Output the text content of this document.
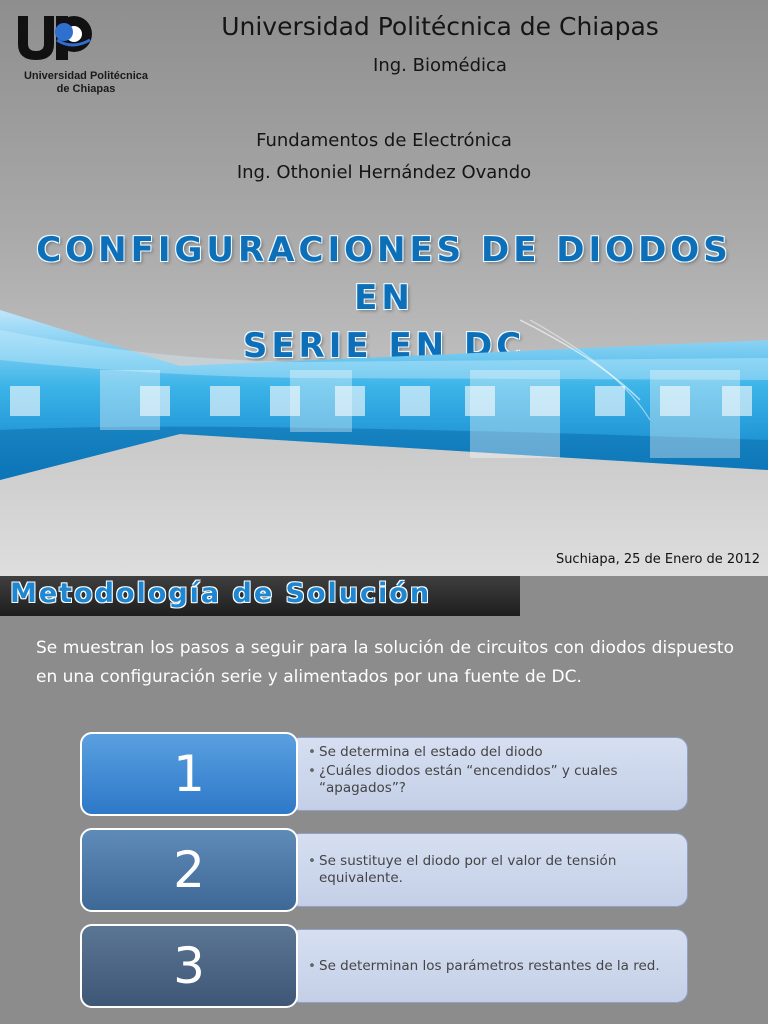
Universidad Politécnica
de Chiapas
Universidad Politécnica de Chiapas
Ing. Biomédica
Fundamentos de Electrónica
Ing. Othoniel Hernández Ovando
CONFIGURACIONES DE DIODOS EN
SERIE EN DC
Suchiapa, 25 de Enero de 2012
Metodología de Solución
Se muestran los pasos a seguir para la solución de circuitos con diodos dispuesto en una configuración serie y alimentados por una fuente de DC.
1	• Se determina el estado del diodo
• ¿Cuáles diodos están “encendidos” y cuales “apagados”?
2	• Se sustituye el diodo por el valor de tensión equivalente.
3	• Se determinan los parámetros restantes de la red.
